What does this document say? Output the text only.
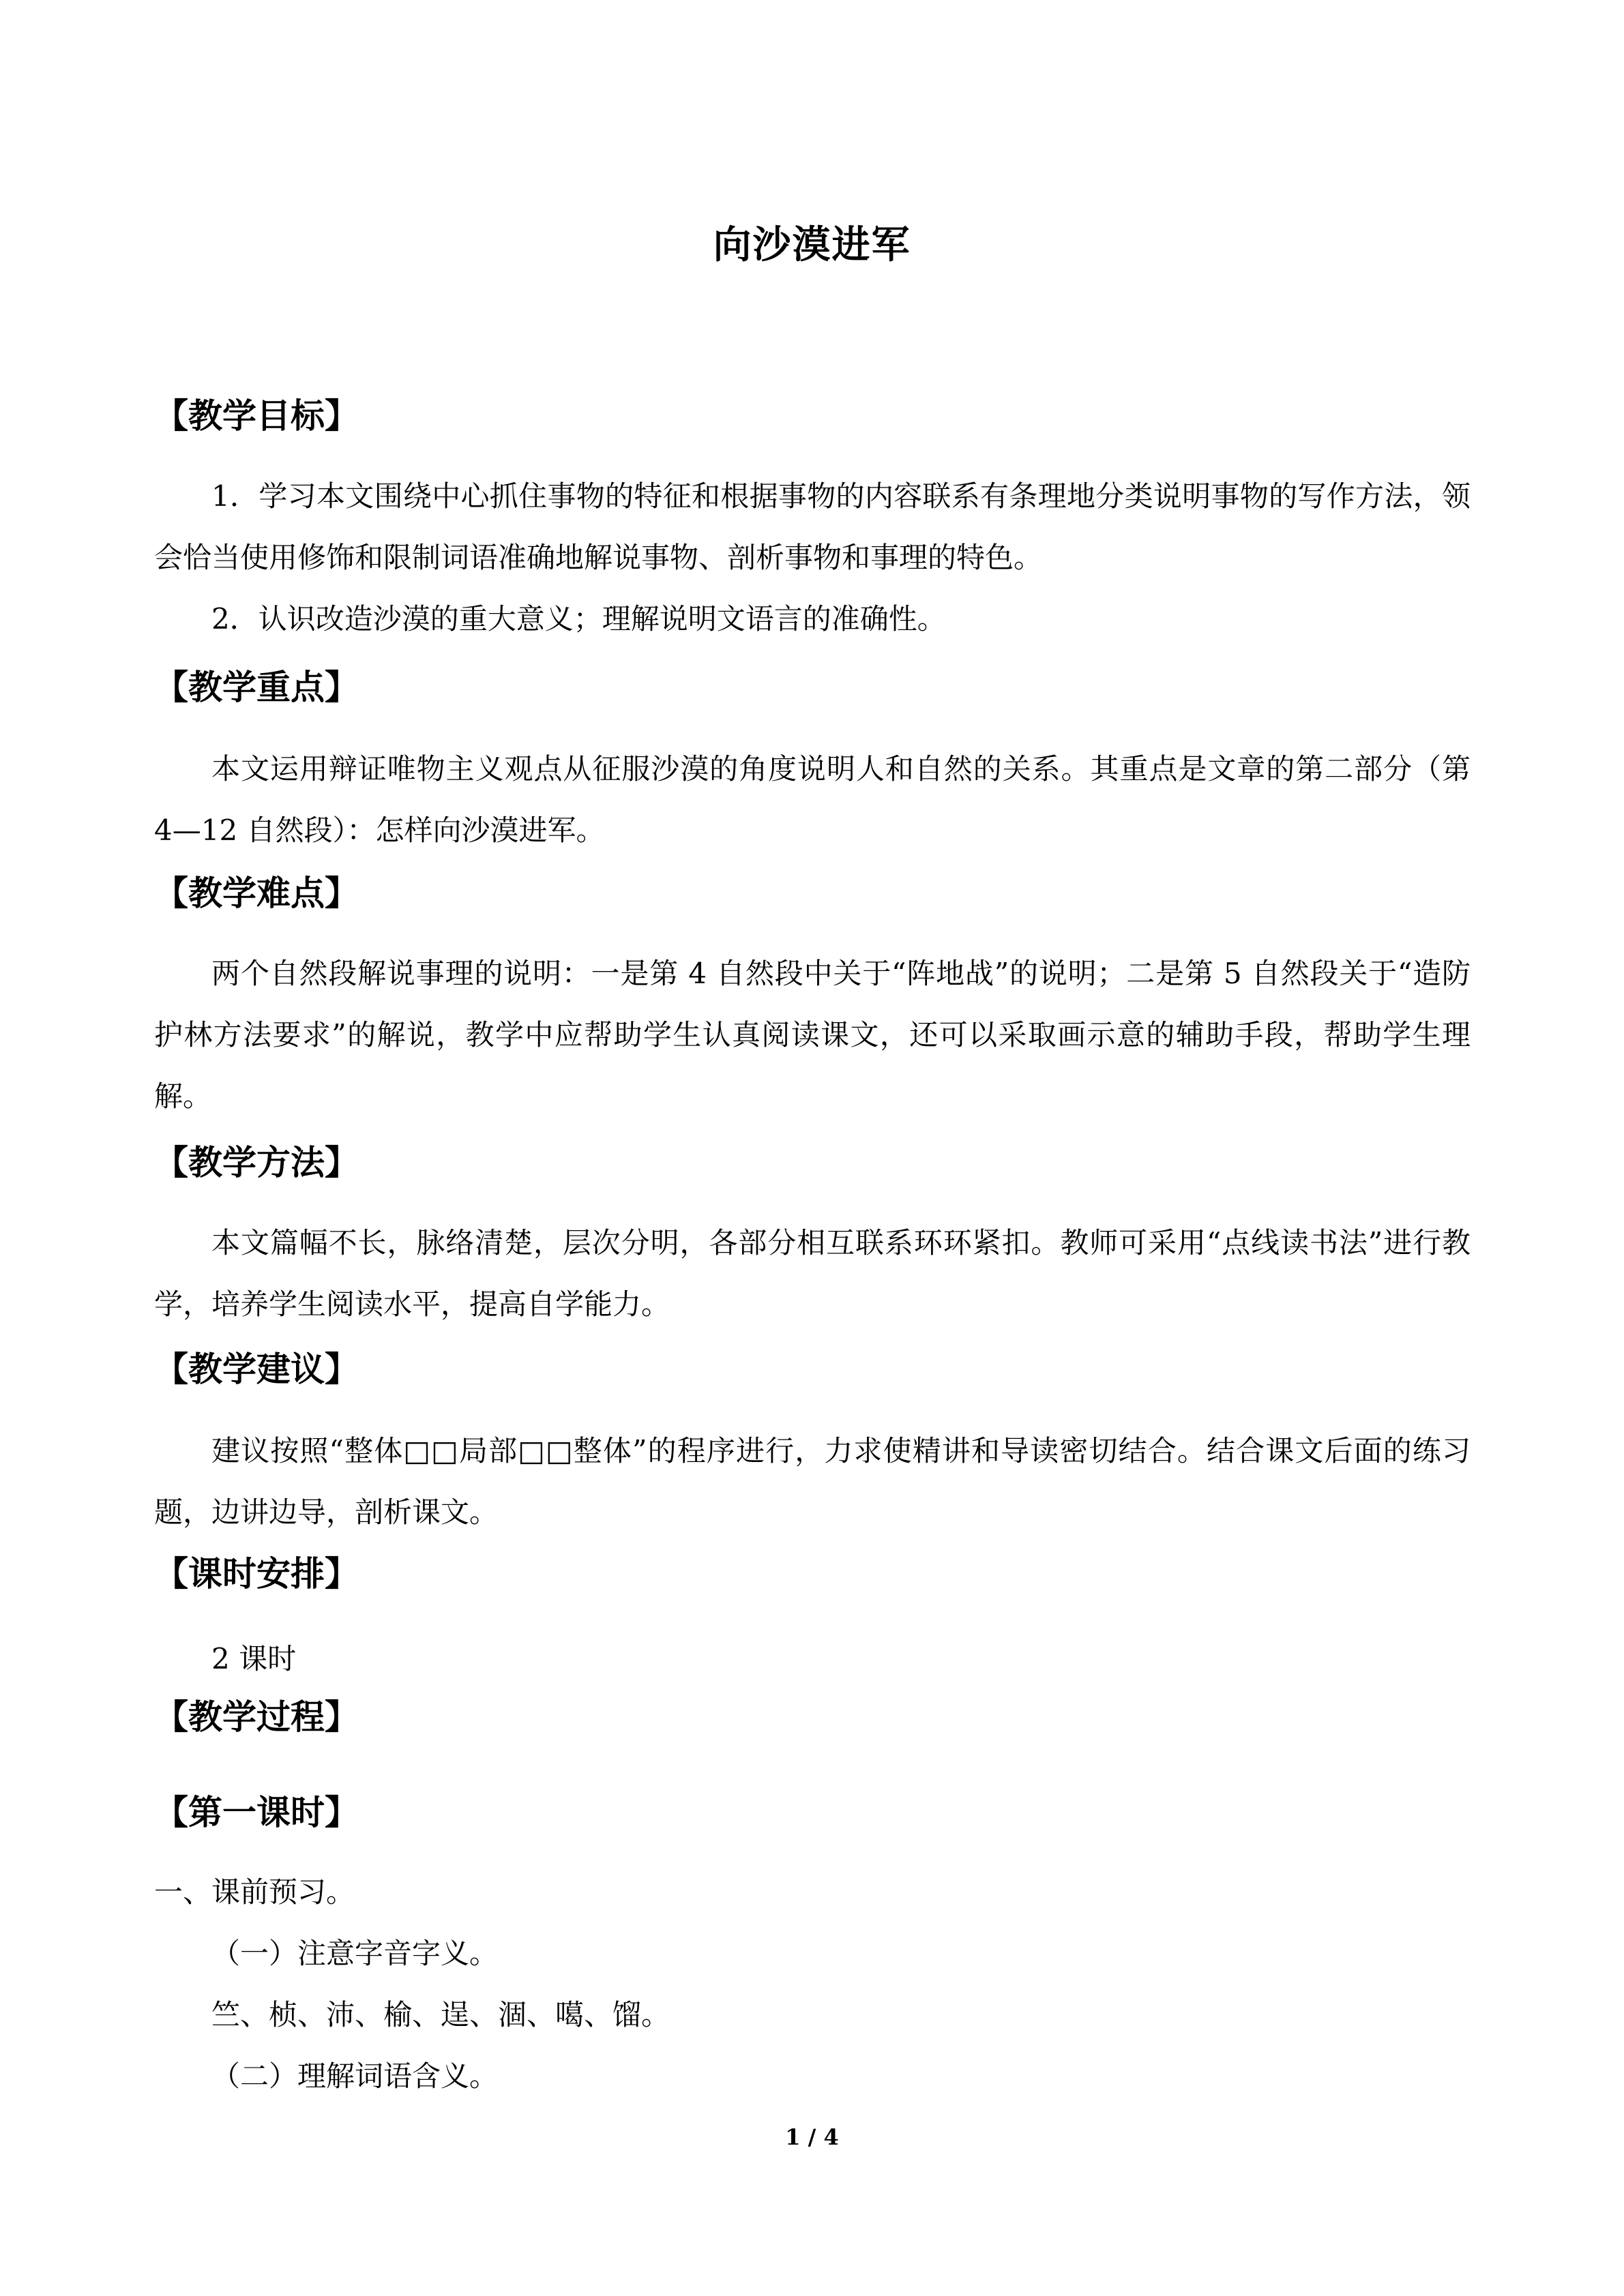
向沙漠进军
【教学目标】
1．学习本文围绕中心抓住事物的特征和根据事物的内容联系有条理地分类说明事物的写作方法，领会恰当使用修饰和限制词语准确地解说事物、剖析事物和事理的特色。
2．认识改造沙漠的重大意义；理解说明文语言的准确性。
【教学重点】
本文运用辩证唯物主义观点从征服沙漠的角度说明人和自然的关系。其重点是文章的第二部分（第 4—12 自然段）：怎样向沙漠进军。
【教学难点】
两个自然段解说事理的说明：一是第 4 自然段中关于“阵地战”的说明；二是第 5 自然段关于“造防护林方法要求”的解说，教学中应帮助学生认真阅读课文，还可以采取画示意的辅助手段，帮助学生理解。
【教学方法】
本文篇幅不长，脉络清楚，层次分明，各部分相互联系环环紧扣。教师可采用“点线读书法”进行教学，培养学生阅读水平，提高自学能力。
【教学建议】
建议按照“整体□□局部□□整体”的程序进行，力求使精讲和导读密切结合。结合课文后面的练习题，边讲边导，剖析课文。
【课时安排】
2 课时
【教学过程】
【第一课时】
一、课前预习。
（一）注意字音字义。
竺、桢、沛、榆、逞、涸、噶、馏。
（二）理解词语含义。
1 / 4
